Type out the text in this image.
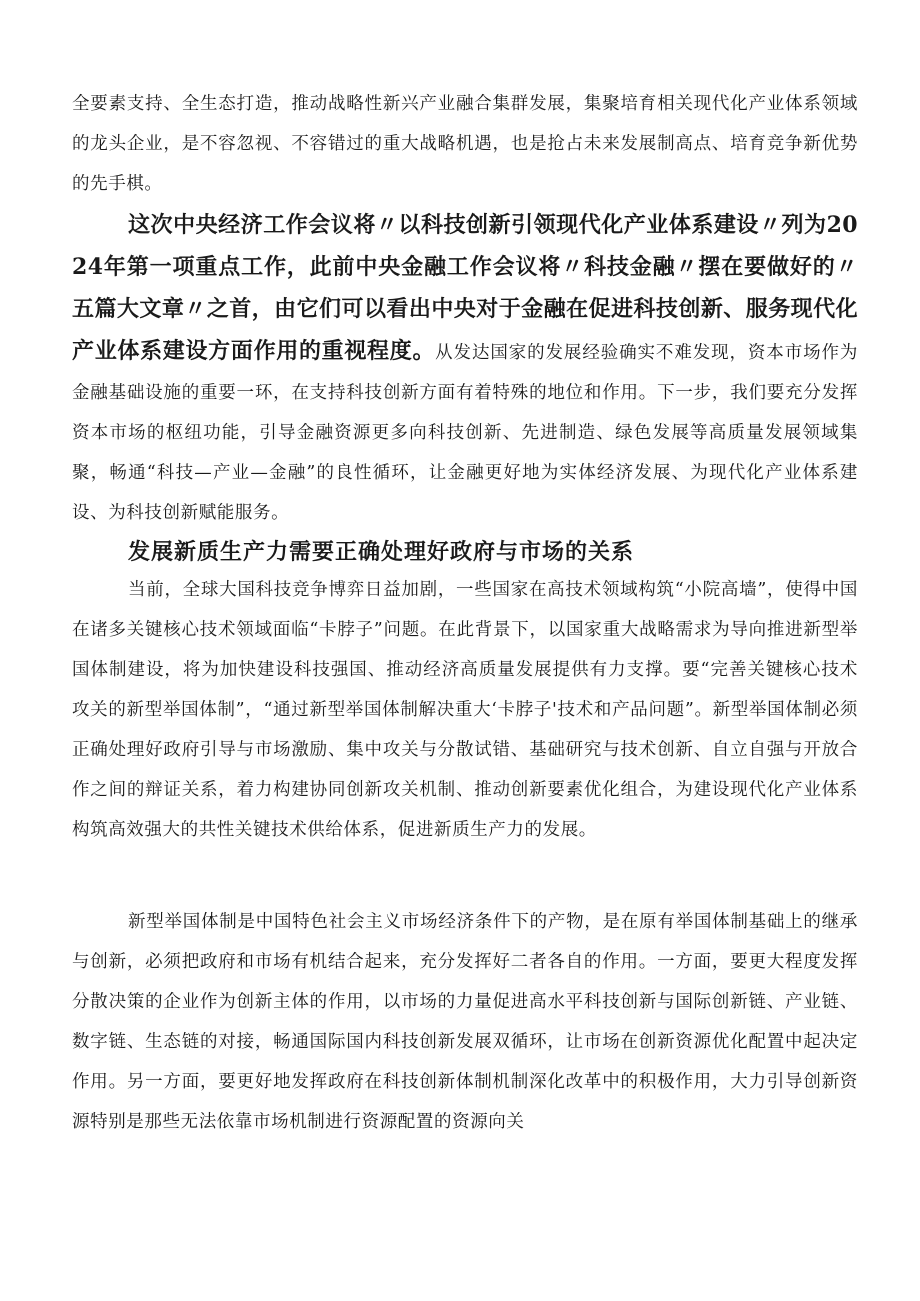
全要素支持、全生态打造，推动战略性新兴产业融合集群发展，集聚培育相关现代化产业体系领域的龙头企业，是不容忽视、不容错过的重大战略机遇，也是抢占未来发展制高点、培育竞争新优势的先手棋。

这次中央经济工作会议将〃以科技创新引领现代化产业体系建设〃列为2024年第一项重点工作，此前中央金融工作会议将〃科技金融〃摆在要做好的〃五篇大文章〃之首，由它们可以看出中央对于金融在促进科技创新、服务现代化产业体系建设方面作用的重视程度。从发达国家的发展经验确实不难发现，资本市场作为金融基础设施的重要一环，在支持科技创新方面有着特殊的地位和作用。下一步，我们要充分发挥资本市场的枢纽功能，引导金融资源更多向科技创新、先进制造、绿色发展等高质量发展领域集聚，畅通“科技—产业—金融”的良性循环，让金融更好地为实体经济发展、为现代化产业体系建设、为科技创新赋能服务。

发展新质生产力需要正确处理好政府与市场的关系

当前，全球大国科技竞争博弈日益加剧，一些国家在高技术领域构筑“小院高墙”，使得中国在诸多关键核心技术领域面临“卡脖子”问题。在此背景下，以国家重大战略需求为导向推进新型举国体制建设，将为加快建设科技强国、推动经济高质量发展提供有力支撑。要“完善关键核心技术攻关的新型举国体制”，“通过新型举国体制解决重大‘卡脖子'技术和产品问题”。新型举国体制必须正确处理好政府引导与市场激励、集中攻关与分散试错、基础研究与技术创新、自立自强与开放合作之间的辩证关系，着力构建协同创新攻关机制、推动创新要素优化组合，为建设现代化产业体系构筑高效强大的共性关键技术供给体系，促进新质生产力的发展。

新型举国体制是中国特色社会主义市场经济条件下的产物，是在原有举国体制基础上的继承与创新，必须把政府和市场有机结合起来，充分发挥好二者各自的作用。一方面，要更大程度发挥分散决策的企业作为创新主体的作用，以市场的力量促进高水平科技创新与国际创新链、产业链、数字链、生态链的对接，畅通国际国内科技创新发展双循环，让市场在创新资源优化配置中起决定作用。另一方面，要更好地发挥政府在科技创新体制机制深化改革中的积极作用，大力引导创新资源特别是那些无法依靠市场机制进行资源配置的资源向关
